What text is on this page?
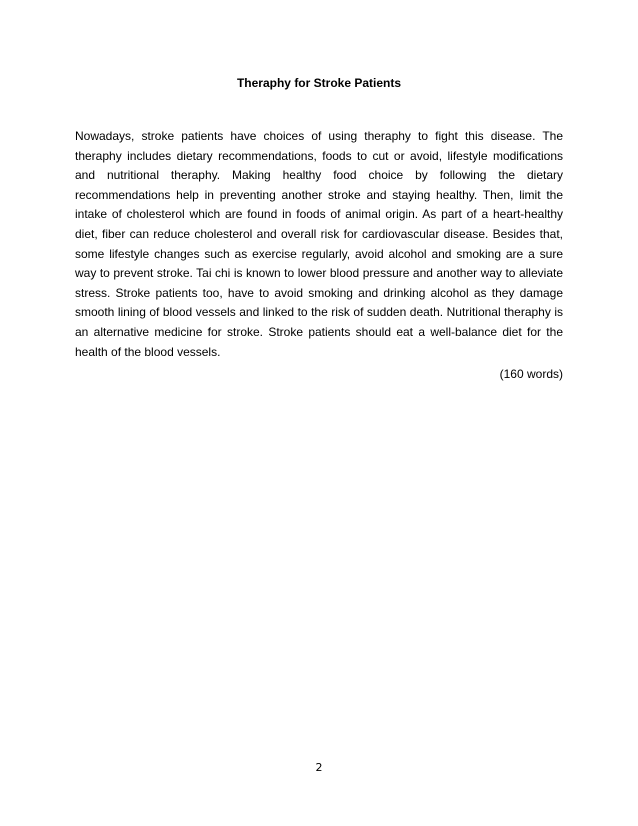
Theraphy for Stroke Patients

Nowadays, stroke patients have choices of using theraphy to fight this disease. The theraphy includes dietary recommendations, foods to cut or avoid, lifestyle modifications and nutritional theraphy. Making healthy food choice by following the dietary recommendations help in preventing another stroke and staying healthy. Then, limit the intake of cholesterol which are found in foods of animal origin. As part of a heart-healthy diet, fiber can reduce cholesterol and overall risk for cardiovascular disease. Besides that, some lifestyle changes such as exercise regularly, avoid alcohol and smoking are a sure way to prevent stroke. Tai chi is known to lower blood pressure and another way to alleviate stress. Stroke patients too, have to avoid smoking and drinking alcohol as they damage smooth lining of blood vessels and linked to the risk of sudden death. Nutritional theraphy is an alternative medicine for stroke. Stroke patients should eat a well-balance diet for the health of the blood vessels.

(160 words)

2
